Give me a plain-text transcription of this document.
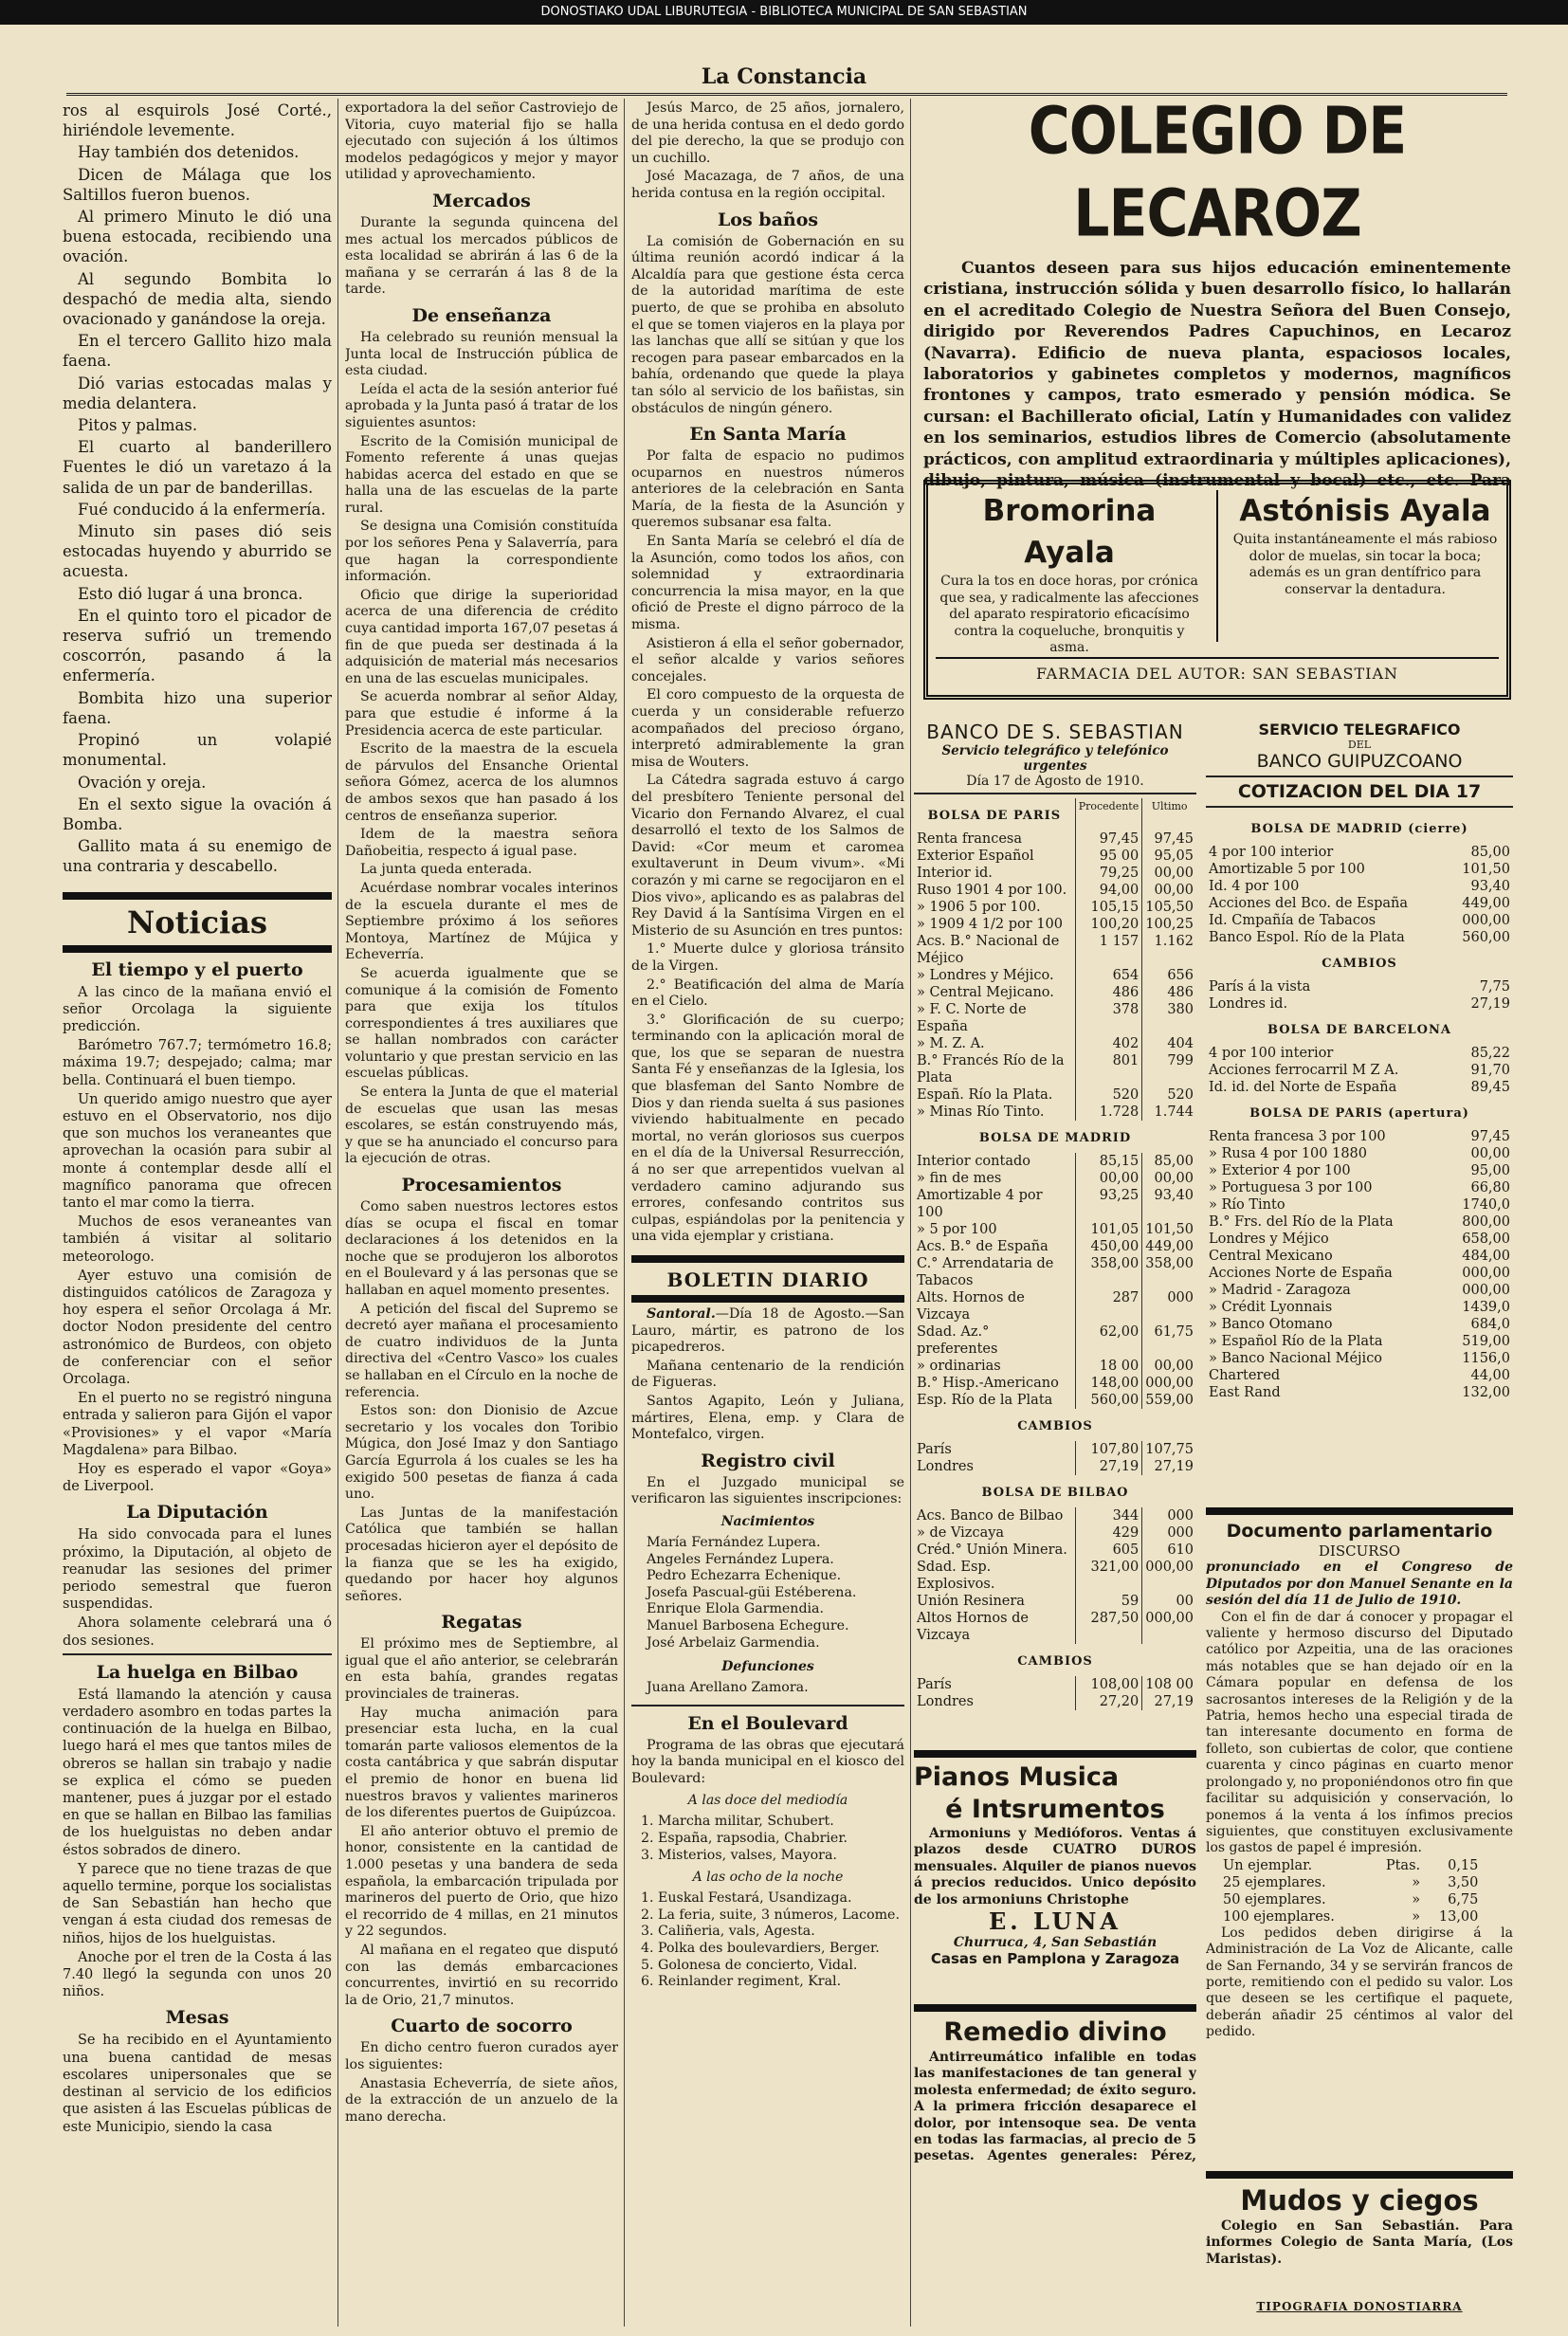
DONOSTIAKO UDAL LIBURUTEGIA - BIBLIOTECA MUNICIPAL DE SAN SEBASTIAN
La Constancia

ros al esquirols José Corté., hiriéndole levemente.

Hay también dos detenidos.

Dicen de Málaga que los Saltillos fueron buenos.

Al primero Minuto le dió una buena estocada, recibiendo una ovación.

Al segundo Bombita lo despachó de media alta, siendo ovacionado y ganándose la oreja.

En el tercero Gallito hizo mala faena.

Dió varias estocadas malas y media delantera.

Pitos y palmas.

El cuarto al banderillero Fuentes le dió un varetazo á la salida de un par de banderillas.

Fué conducido á la enfermería.

Minuto sin pases dió seis estocadas huyendo y aburrido se acuesta.

Esto dió lugar á una bronca.

En el quinto toro el picador de reserva sufrió un tremendo coscorrón, pasando á la enfermería.

Bombita hizo una superior faena.

Propinó un volapié monumental.

Ovación y oreja.

En el sexto sigue la ovación á Bomba.

Gallito mata á su enemigo de una contraria y descabello.

Noticias
El tiempo y el puerto

A las cinco de la mañana envió el señor Orcolaga la siguiente predicción.

Barómetro 767.7; termómetro 16.8; máxima 19.7; despejado; calma; mar bella. Continuará el buen tiempo.

Un querido amigo nuestro que ayer estuvo en el Observatorio, nos dijo que son muchos los veraneantes que aprovechan la ocasión para subir al monte á contemplar desde allí el magnífico panorama que ofrecen tanto el mar como la tierra.

Muchos de esos veraneantes van también á visitar al solitario meteorologo.

Ayer estuvo una comisión de distinguidos católicos de Zaragoza y hoy espera el señor Orcolaga á Mr. doctor Nodon presidente del centro astronómico de Burdeos, con objeto de conferenciar con el señor Orcolaga.

En el puerto no se registró ninguna entrada y salieron para Gijón el vapor «Provisiones» y el vapor «María Magdalena» para Bilbao.

Hoy es esperado el vapor «Goya» de Liverpool.

La Diputación

Ha sido convocada para el lunes próximo, la Diputación, al objeto de reanudar las sesiones del primer periodo semestral que fueron suspendidas.

Ahora solamente celebrará una ó dos sesiones.

La huelga en Bilbao

Está llamando la atención y causa verdadero asombro en todas partes la continuación de la huelga en Bilbao, luego hará el mes que tantos miles de obreros se hallan sin trabajo y nadie se explica el cómo se pueden mantener, pues á juzgar por el estado en que se hallan en Bilbao las familias de los huelguistas no deben andar éstos sobrados de dinero.

Y parece que no tiene trazas de que aquello termine, porque los socialistas de San Sebastián han hecho que vengan á esta ciudad dos remesas de niños, hijos de los huelguistas.

Anoche por el tren de la Costa á las 7.40 llegó la segunda con unos 20 niños.

Mesas

Se ha recibido en el Ayuntamiento una buena cantidad de mesas escolares unipersonales que se destinan al servicio de los edificios que asisten á las Escuelas públicas de este Municipio, siendo la casa

exportadora la del señor Castroviejo de Vitoria, cuyo material fijo se halla ejecutado con sujeción á los últimos modelos pedagógicos y mejor y mayor utilidad y aprovechamiento.

Mercados

Durante la segunda quincena del mes actual los mercados públicos de esta localidad se abrirán á las 6 de la mañana y se cerrarán á las 8 de la tarde.

De enseñanza

Ha celebrado su reunión mensual la Junta local de Instrucción pública de esta ciudad.

Leída el acta de la sesión anterior fué aprobada y la Junta pasó á tratar de los siguientes asuntos:

Escrito de la Comisión municipal de Fomento referente á unas quejas habidas acerca del estado en que se halla una de las escuelas de la parte rural.

Se designa una Comisión constituída por los señores Pena y Salaverría, para que hagan la correspondiente información.

Oficio que dirige la superioridad acerca de una diferencia de crédito cuya cantidad importa 167,07 pesetas á fin de que pueda ser destinada á la adquisición de material más necesarios en una de las escuelas municipales.

Se acuerda nombrar al señor Alday, para que estudie é informe á la Presidencia acerca de este particular.

Escrito de la maestra de la escuela de párvulos del Ensanche Oriental señora Gómez, acerca de los alumnos de ambos sexos que han pasado á los centros de enseñanza superior.

Idem de la maestra señora Dañobeitia, respecto á igual pase.

La junta queda enterada.

Acuérdase nombrar vocales interinos de la escuela durante el mes de Septiembre próximo á los señores Montoya, Martínez de Mújica y Echeverría.

Se acuerda igualmente que se comunique á la comisión de Fomento para que exija los títulos correspondientes á tres auxiliares que se hallan nombrados con carácter voluntario y que prestan servicio en las escuelas públicas.

Se entera la Junta de que el material de escuelas que usan las mesas escolares, se están construyendo más, y que se ha anunciado el concurso para la ejecución de otras.

Procesamientos

Como saben nuestros lectores estos días se ocupa el fiscal en tomar declaraciones á los detenidos en la noche que se produjeron los alborotos en el Boulevard y á las personas que se hallaban en aquel momento presentes.

A petición del fiscal del Supremo se decretó ayer mañana el procesamiento de cuatro individuos de la Junta directiva del «Centro Vasco» los cuales se hallaban en el Círculo en la noche de referencia.

Estos son: don Dionisio de Azcue secretario y los vocales don Toribio Múgica, don José Imaz y don Santiago García Egurrola á los cuales se les ha exigido 500 pesetas de fianza á cada uno.

Las Juntas de la manifestación Católica que también se hallan procesadas hicieron ayer el depósito de la fianza que se les ha exigido, quedando por hacer hoy algunos señores.

Regatas

El próximo mes de Septiembre, al igual que el año anterior, se celebrarán en esta bahía, grandes regatas provinciales de traineras.

Hay mucha animación para presenciar esta lucha, en la cual tomarán parte valiosos elementos de la costa cantábrica y que sabrán disputar el premio de honor en buena lid nuestros bravos y valientes marineros de los diferentes puertos de Guipúzcoa.

El año anterior obtuvo el premio de honor, consistente en la cantidad de 1.000 pesetas y una bandera de seda española, la embarcación tripulada por marineros del puerto de Orio, que hizo el recorrido de 4 millas, en 21 minutos y 22 segundos.

Al mañana en el regateo que disputó con las demás embarcaciones concurrentes, invirtió en su recorrido la de Orio, 21,7 minutos.

Cuarto de socorro

En dicho centro fueron curados ayer los siguientes:

Anastasia Echeverría, de siete años, de la extracción de un anzuelo de la mano derecha.

Jesús Marco, de 25 años, jornalero, de una herida contusa en el dedo gordo del pie derecho, la que se produjo con un cuchillo.

José Macazaga, de 7 años, de una herida contusa en la región occipital.

Los baños

La comisión de Gobernación en su última reunión acordó indicar á la Alcaldía para que gestione ésta cerca de la autoridad marítima de este puerto, de que se prohiba en absoluto el que se tomen viajeros en la playa por las lanchas que allí se sitúan y que los recogen para pasear embarcados en la bahía, ordenando que quede la playa tan sólo al servicio de los bañistas, sin obstáculos de ningún género.

En Santa María

Por falta de espacio no pudimos ocuparnos en nuestros números anteriores de la celebración en Santa María, de la fiesta de la Asunción y queremos subsanar esa falta.

En Santa María se celebró el día de la Asunción, como todos los años, con solemnidad y extraordinaria concurrencia la misa mayor, en la que ofició de Preste el digno párroco de la misma.

Asistieron á ella el señor gobernador, el señor alcalde y varios señores concejales.

El coro compuesto de la orquesta de cuerda y un considerable refuerzo acompañados del precioso órgano, interpretó admirablemente la gran misa de Wouters.

La Cátedra sagrada estuvo á cargo del presbítero Teniente personal del Vicario don Fernando Alvarez, el cual desarrolló el texto de los Salmos de David: «Cor meum et caromea exultaverunt in Deum vivum». «Mi corazón y mi carne se regocijaron en el Dios vivo», aplicando es as palabras del Rey David á la Santísima Virgen en el Misterio de su Asunción en tres puntos:

1.° Muerte dulce y gloriosa tránsito de la Virgen.

2.° Beatificación del alma de María en el Cielo.

3.° Glorificación de su cuerpo; terminando con la aplicación moral de que, los que se separan de nuestra Santa Fé y enseñanzas de la Iglesia, los que blasfeman del Santo Nombre de Dios y dan rienda suelta á sus pasiones viviendo habitualmente en pecado mortal, no verán gloriosos sus cuerpos en el día de la Universal Resurrección, á no ser que arrepentidos vuelvan al verdadero camino adjurando sus errores, confesando contritos sus culpas, espiándolas por la penitencia y una vida ejemplar y cristiana.

BOLETIN DIARIO

Santoral.—Día 18 de Agosto.—San Lauro, mártir, es patrono de los picapedreros.

Mañana centenario de la rendición de Figueras.

Santos Agapito, León y Juliana, mártires, Elena, emp. y Clara de Montefalco, virgen.

Registro civil

En el Juzgado municipal se verificaron las siguientes inscripciones:

Nacimientos
María Fernández Lupera.
Angeles Fernández Lupera.
Pedro Echezarra Echenique.
Josefa Pascual-güi Estéberena.
Enrique Elola Garmendia.
Manuel Barbosena Echegure.
José Arbelaiz Garmendia.
Defunciones
Juana Arellano Zamora.
En el Boulevard

Programa de las obras que ejecutará hoy la banda municipal en el kiosco del Boulevard:

A las doce del mediodía
1. Marcha militar, Schubert.
2. España, rapsodia, Chabrier.
3. Misterios, valses, Mayora.
A las ocho de la noche
1. Euskal Festará, Usandizaga.
2. La feria, suite, 3 números, Lacome.
3. Caliñeria, vals, Agesta.
4. Polka des boulevardiers, Berger.
5. Golonesa de concierto, Vidal.
6. Reinlander regiment, Kral.
COLEGIO DE LECAROZ
Cuantos deseen para sus hijos educación eminentemente cristiana, instrucción sólida y buen desarrollo físico, lo hallarán en el acreditado Colegio de Nuestra Señora del Buen Consejo, dirigido por Reverendos Padres Capuchinos, en Lecaroz (Navarra). Edificio de nueva planta, espaciosos locales, laboratorios y gabinetes completos y modernos, magníficos frontones y campos, trato esmerado y pensión módica. Se cursan: el Bachillerato oficial, Latín y Humanidades con validez en los seminarios, estudios libres de Comercio (absolutamente prácticos, con amplitud extraordinaria y múltiples aplicaciones), dibujo, pintura, música (instrumental y bocal) etc., etc. Para
Bromorina Ayala
Cura la tos en doce horas, por crónica que sea, y radicalmente las afecciones del aparato respiratorio eficacísimo contra la coqueluche, bronquitis y asma.
Astónisis Ayala
Quita instantáneamente el más rabioso dolor de muelas, sin tocar la boca; además es un gran dentífrico para conservar la dentadura.
FARMACIA DEL AUTOR: SAN SEBASTIAN
BANCO DE S. SEBASTIAN
Servicio telegráfico y telefónico
urgentes
Día 17 de Agosto de 1910.
BOLSA DE PARIS	Procedente	Ultimo
Renta francesa	97,45	97,45
Exterior Español	95 00	95,05
Interior id.	79,25	00,00
Ruso 1901 4 por 100.	94,00	00,00
» 1906 5 por 100.	105,15	105,50
» 1909 4 1/2 por 100	100,20	100,25
Acs. B.° Nacional de Méjico	1 157	1.162
» Londres y Méjico.	654	656
» Central Mejicano.	486	486
» F. C. Norte de España	378	380
» M. Z. A.	402	404
B.° Francés Río de la Plata	801	799
Españ. Río la Plata.	520	520
» Minas Río Tinto.	1.728	1.744
BOLSA DE MADRID		
Interior contado	85,15	85,00
» fin de mes	00,00	00,00
Amortizable 4 por 100	93,25	93,40
» 5 por 100	101,05	101,50
Acs. B.° de España	450,00	449,00
C.° Arrendataria de Tabacos	358,00	358,00
Alts. Hornos de Vizcaya	287	000
Sdad. Az.° preferentes	62,00	61,75
» ordinarias	18 00	00,00
B.° Hisp.-Americano	148,00	000,00
Esp. Río de la Plata	560,00	559,00
CAMBIOS		
París	107,80	107,75
Londres	27,19	27,19
BOLSA DE BILBAO		
Acs. Banco de Bilbao	344	000
» de Vizcaya	429	000
Créd.° Unión Minera.	605	610
Sdad. Esp. Explosivos.	321,00	000,00
Unión Resinera	59	00
Altos Hornos de Vizcaya	287,50	000,00
CAMBIOS		
París	108,00	108 00
Londres	27,20	27,19
SERVICIO TELEGRAFICO
DEL
BANCO GUIPUZCOANO
COTIZACION DEL DIA 17
BOLSA DE MADRID (cierre)	
4 por 100 interior	85,00
Amortizable 5 por 100	101,50
Id. 4 por 100	93,40
Acciones del Bco. de España	449,00
Id. Cmpañía de Tabacos	000,00
Banco Espol. Río de la Plata	560,00
CAMBIOS	
París á la vista	7,75
Londres id.	27,19
BOLSA DE BARCELONA	
4 por 100 interior	85,22
Acciones ferrocarril M Z A.	91,70
Id. id. del Norte de España	89,45
BOLSA DE PARIS (apertura)	
Renta francesa 3 por 100	97,45
» Rusa 4 por 100 1880	00,00
» Exterior 4 por 100	95,00
» Portuguesa 3 por 100	66,80
» Río Tinto	1740,0
B.° Frs. del Río de la Plata	800,00
Londres y Méjico	658,00
Central Mexicano	484,00
Acciones Norte de España	000,00
» Madrid - Zaragoza	000,00
» Crédit Lyonnais	1439,0
» Banco Otomano	684,0
» Español Río de la Plata	519,00
» Banco Nacional Méjico	1156,0
Chartered	44,00
East Rand	132,00
Documento parlamentario
DISCURSO
pronunciado en el Congreso de Diputados por don Manuel Senante en la sesión del día 11 de Julio de 1910.
Con el fin de dar á conocer y propagar el valiente y hermoso discurso del Diputado católico por Azpeitia, una de las oraciones más notables que se han dejado oír en la Cámara popular en defensa de los sacrosantos intereses de la Religión y de la Patria, hemos hecho una especial tirada de tan interesante documento en forma de folleto, son cubiertas de color, que contiene cuarenta y cinco páginas en cuarto menor prolongado y, no proponiéndonos otro fin que facilitar su adquisición y conservación, lo ponemos á la venta á los ínfimos precios siguientes, que constituyen exclusivamente los gastos de papel é impresión.
Un ejemplar.	Ptas.	0,15
25 ejemplares.	»	3,50
50 ejemplares.	»	6,75
100 ejemplares.	»	13,00
Los pedidos deben dirigirse á la Administración de La Voz de Alicante, calle de San Fernando, 34 y se servirán francos de porte, remitiendo con el pedido su valor. Los que deseen se les certifique el paquete, deberán añadir 25 céntimos al valor del pedido.
Pianos Musica
é Intsrumentos
Armoniuns y Medióforos. Ventas á plazos desde CUATRO DUROS mensuales. Alquiler de pianos nuevos á precios reducidos. Unico depósito de los armoniuns Christophe
E. LUNA
Churruca, 4, San Sebastián
Casas en Pamplona y Zaragoza
Remedio divino
Antirreumático infalible en todas las manifestaciones de tan general y molesta enfermedad; de éxito seguro. A la primera fricción desaparece el dolor, por intensoque sea. De venta en todas las farmacias, al precio de 5 pesetas. Agentes generales: Pérez,
Mudos y ciegos
Colegio en San Sebastián. Para informes Colegio de Santa María, (Los Maristas).
TIPOGRAFIA DONOSTIARRA
